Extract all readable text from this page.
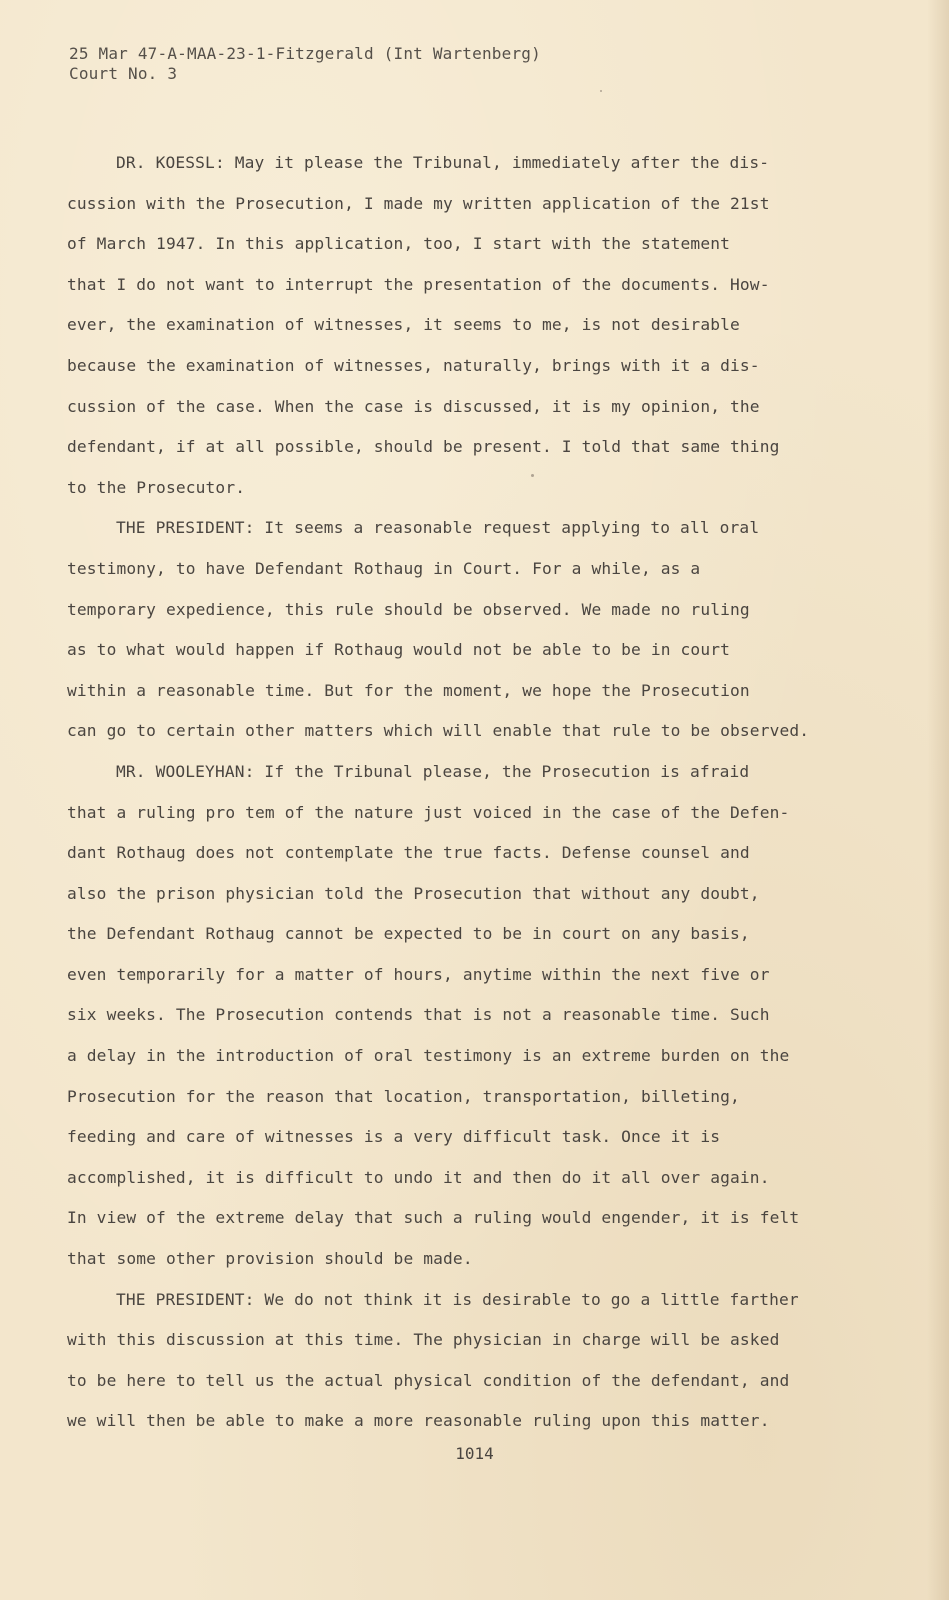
25 Mar 47-A-MAA-23-1-Fitzgerald (Int Wartenberg)
Court No. 3
DR. KOESSL: May it please the Tribunal, immediately after the dis-
cussion with the Prosecution, I made my written application of the 21st
of March 1947. In this application, too, I start with the statement
that I do not want to interrupt the presentation of the documents. How-
ever, the examination of witnesses, it seems to me, is not desirable
because the examination of witnesses, naturally, brings with it a dis-
cussion of the case. When the case is discussed, it is my opinion, the
defendant, if at all possible, should be present. I told that same thing
to the Prosecutor.
THE PRESIDENT: It seems a reasonable request applying to all oral
testimony, to have Defendant Rothaug in Court. For a while, as a
temporary expedience, this rule should be observed. We made no ruling
as to what would happen if Rothaug would not be able to be in court
within a reasonable time. But for the moment, we hope the Prosecution
can go to certain other matters which will enable that rule to be observed.
MR. WOOLEYHAN: If the Tribunal please, the Prosecution is afraid
that a ruling pro tem of the nature just voiced in the case of the Defen-
dant Rothaug does not contemplate the true facts. Defense counsel and
also the prison physician told the Prosecution that without any doubt,
the Defendant Rothaug cannot be expected to be in court on any basis,
even temporarily for a matter of hours, anytime within the next five or
six weeks. The Prosecution contends that is not a reasonable time. Such
a delay in the introduction of oral testimony is an extreme burden on the
Prosecution for the reason that location, transportation, billeting,
feeding and care of witnesses is a very difficult task. Once it is
accomplished, it is difficult to undo it and then do it all over again.
In view of the extreme delay that such a ruling would engender, it is felt
that some other provision should be made.
THE PRESIDENT: We do not think it is desirable to go a little farther
with this discussion at this time. The physician in charge will be asked
to be here to tell us the actual physical condition of the defendant, and
we will then be able to make a more reasonable ruling upon this matter.
1014
